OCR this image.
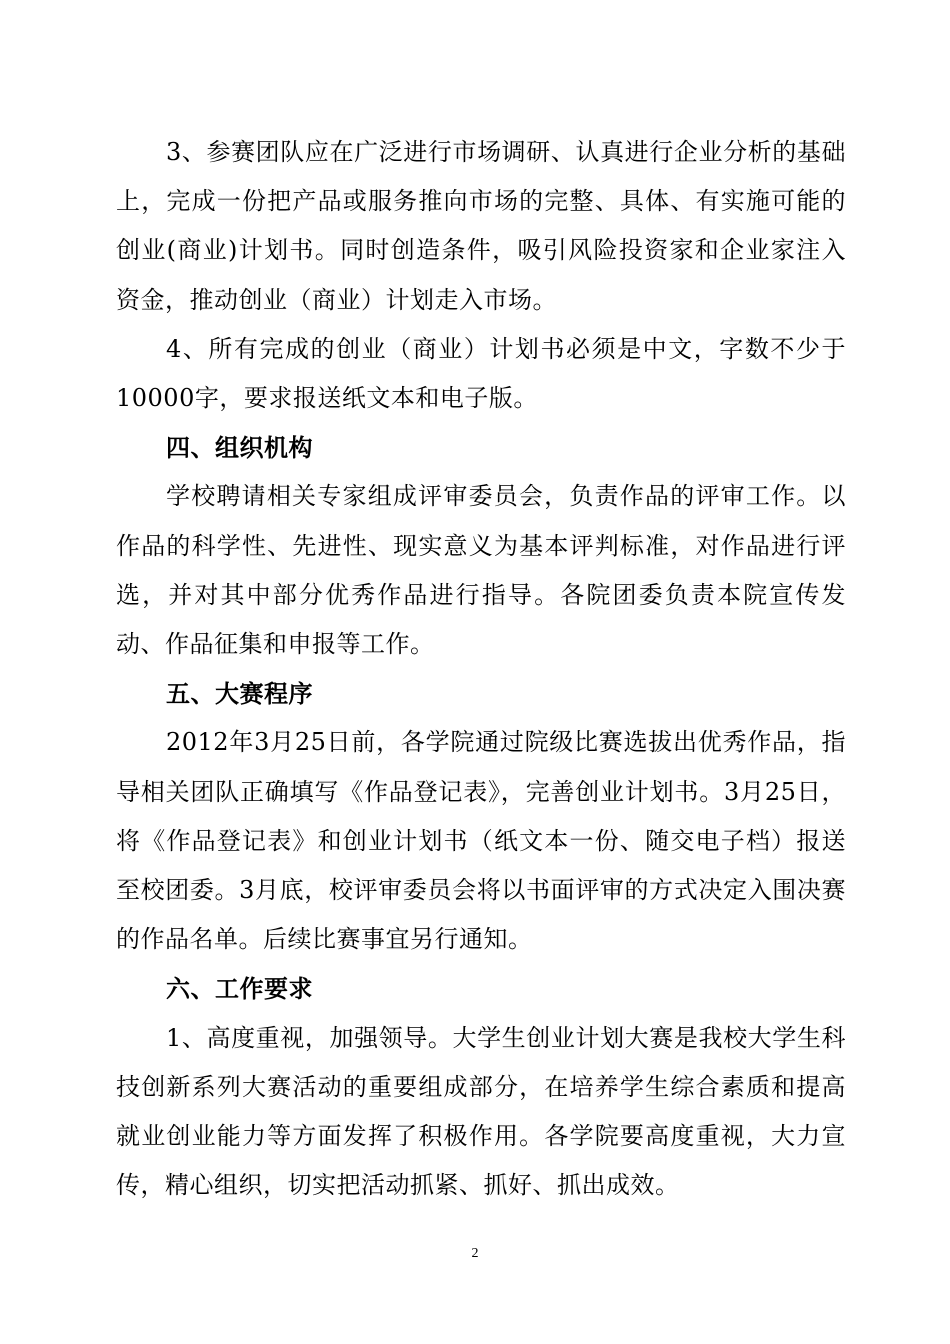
3、参赛团队应在广泛进行市场调研、认真进行企业分析的基础上，完成一份把产品或服务推向市场的完整、具体、有实施可能的创业(商业)计划书。同时创造条件，吸引风险投资家和企业家注入资金，推动创业（商业）计划走入市场。

4、所有完成的创业（商业）计划书必须是中文，字数不少于10000字，要求报送纸文本和电子版。

四、组织机构

学校聘请相关专家组成评审委员会，负责作品的评审工作。以作品的科学性、先进性、现实意义为基本评判标准，对作品进行评选，并对其中部分优秀作品进行指导。各院团委负责本院宣传发动、作品征集和申报等工作。

五、大赛程序

2012年3月25日前，各学院通过院级比赛选拔出优秀作品，指导相关团队正确填写《作品登记表》，完善创业计划书。3月25日，将《作品登记表》和创业计划书（纸文本一份、随交电子档）报送至校团委。3月底，校评审委员会将以书面评审的方式决定入围决赛的作品名单。后续比赛事宜另行通知。

六、工作要求

1、高度重视，加强领导。大学生创业计划大赛是我校大学生科技创新系列大赛活动的重要组成部分，在培养学生综合素质和提高就业创业能力等方面发挥了积极作用。各学院要高度重视，大力宣传，精心组织，切实把活动抓紧、抓好、抓出成效。

2
